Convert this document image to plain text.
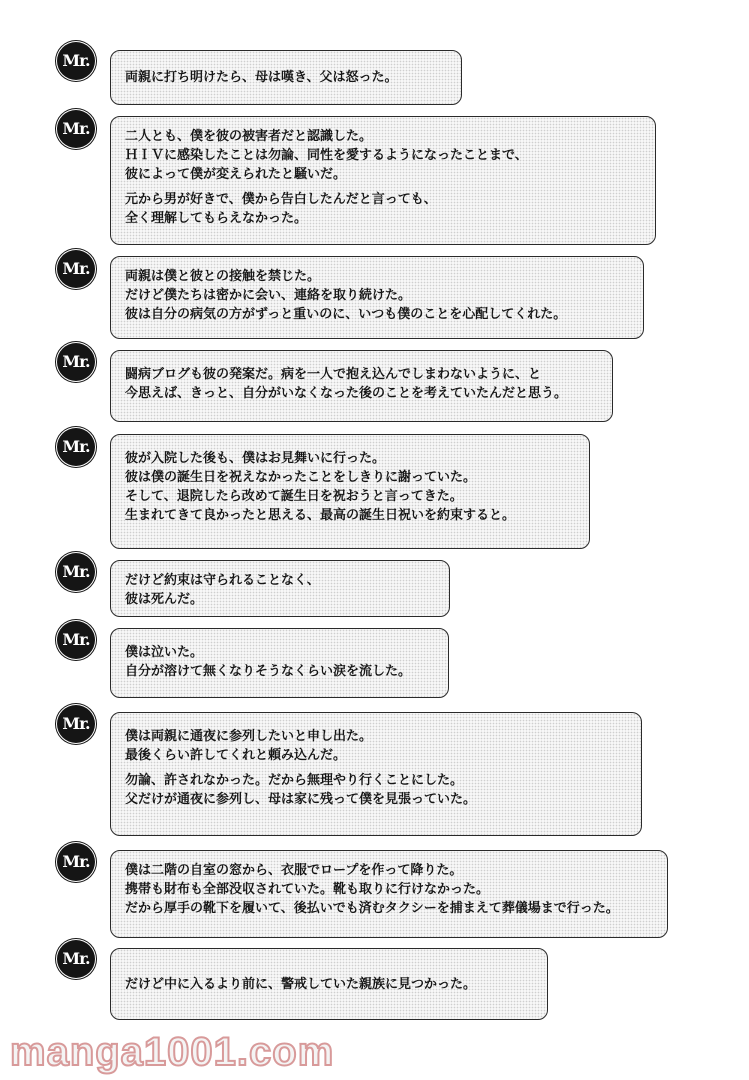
Mr.
両親に打ち明けたら、母は嘆き、父は怒った。
Mr.	二人とも、僕を彼の被害者だと認識した。
ＨＩＶに感染したことは勿論、同性を愛するようになったことまで、
彼によって僕が変えられたと騒いだ。
元から男が好きで、僕から告白したんだと言っても、
全く理解してもらえなかった。
Mr.	両親は僕と彼との接触を禁じた。
だけど僕たちは密かに会い、連絡を取り続けた。
彼は自分の病気の方がずっと重いのに、いつも僕のことを心配してくれた。
Mr.
闘病ブログも彼の発案だ。病を一人で抱え込んでしまわないように、と
今思えば、きっと、自分がいなくなった後のことを考えていたんだと思う。
Mr.
彼が入院した後も、僕はお見舞いに行った。
彼は僕の誕生日を祝えなかったことをしきりに謝っていた。
そして、退院したら改めて誕生日を祝おうと言ってきた。
生まれてきて良かったと思える、最高の誕生日祝いを約束すると。
Mr.	だけど約束は守られることなく、
彼は死んだ。
Mr.
僕は泣いた。
自分が溶けて無くなりそうなくらい涙を流した。
Mr.
僕は両親に通夜に参列したいと申し出た。
最後くらい許してくれと頼み込んだ。
勿論、許されなかった。だから無理やり行くことにした。
父だけが通夜に参列し、母は家に残って僕を見張っていた。
Mr.	僕は二階の自室の窓から、衣服でロープを作って降りた。
携帯も財布も全部没収されていた。靴も取りに行けなかった。
だから厚手の靴下を履いて、後払いでも済むタクシーを捕まえて葬儀場まで行った。
Mr.
だけど中に入るより前に、警戒していた親族に見つかった。
manga1001.com
